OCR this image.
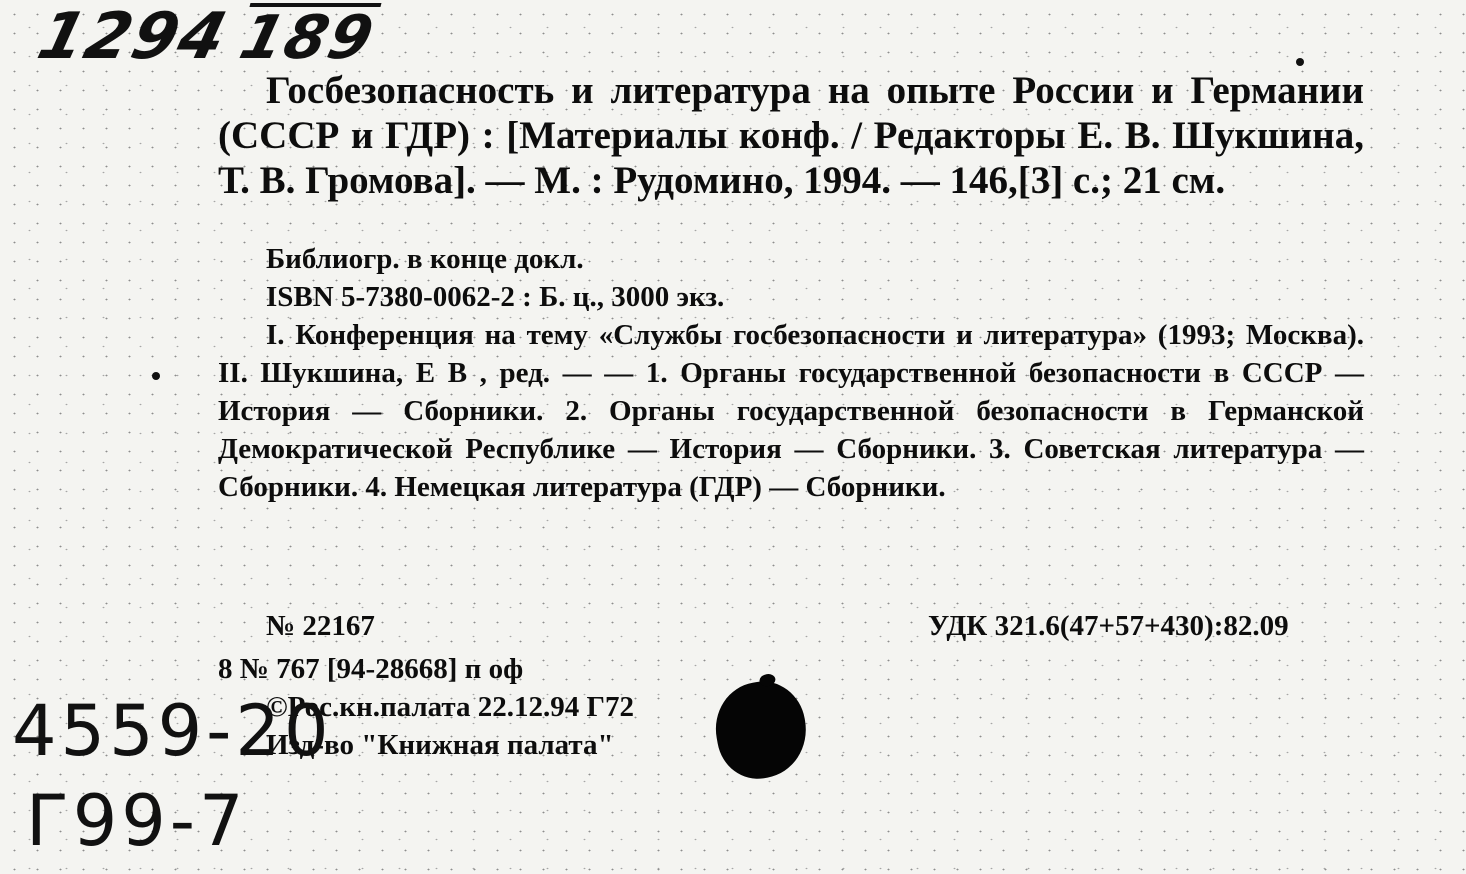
1294189
Госбезопасность и литература на опыте России и Германии (СССР и ГДР) : [Материалы конф. / Редакторы Е. В. Шукшина, Т. В. Громова]. — М. : Рудомино, 1994. — 146,[3] с.; 21 см.

Библиогр. в конце докл.

ISBN 5-7380-0062-2 : Б. ц., 3000 экз.

I. Конференция на тему «Службы госбезопасности и литература» (1993; Москва). II. Шукшина, Е В , ред. — — 1. Органы государственной безопасности в СССР — История — Сборники. 2. Органы государственной безопасности в Германской Демократической Республике — История — Сборники. 3. Советская литература — Сборники. 4. Немецкая литература (ГДР) — Сборники.

№ 22167	УДК 321.6(47+57+430):82.09
8 № 767 [94-28668] п оф
©Рос.кн.палата 22.12.94 Г72
Изд-во "Книжная палата"
4559-20
Г99-7
